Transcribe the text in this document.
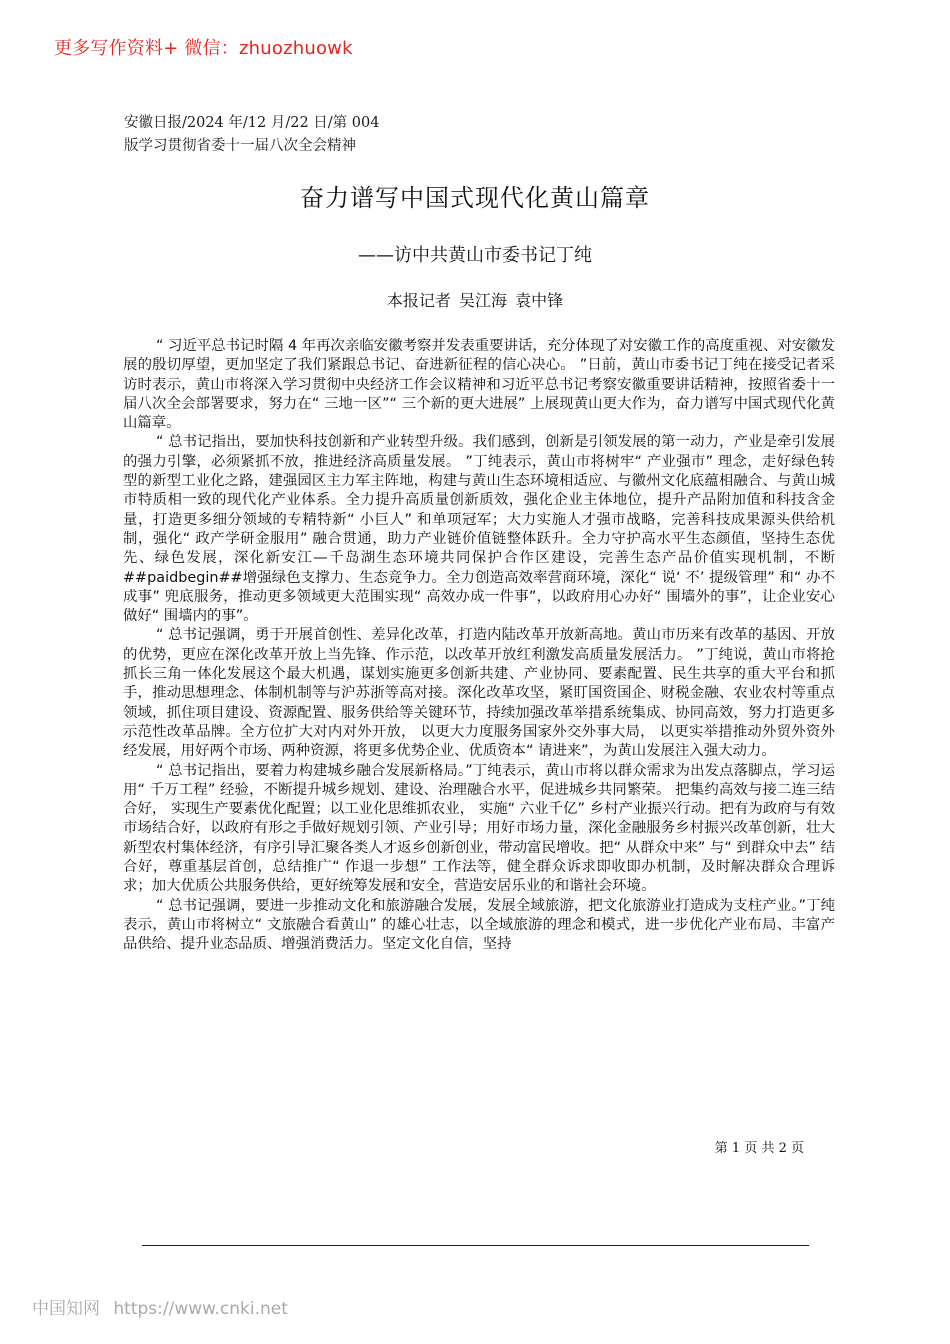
更多写作资料+ 微信：zhuozhuowk
安徽日报/2024 年/12 月/22 日/第 004
版学习贯彻省委十一届八次全会精神
奋力谱写中国式现代化黄山篇章
——访中共黄山市委书记丁纯
本报记者 吴江海 袁中锋

“ 习近平总书记时隔 4 年再次亲临安徽考察并发表重要讲话，充分体现了对安徽工作的高度重视、对安徽发展的殷切厚望，更加坚定了我们紧跟总书记、奋进新征程的信心决心。 ”日前，黄山市委书记丁纯在接受记者采访时表示，黄山市将深入学习贯彻中央经济工作会议精神和习近平总书记考察安徽重要讲话精神，按照省委十一届八次全会部署要求，努力在“ 三地一区”“ 三个新的更大进展” 上展现黄山更大作为，奋力谱写中国式现代化黄山篇章。

“ 总书记指出，要加快科技创新和产业转型升级。我们感到，创新是引领发展的第一动力，产业是牵引发展的强力引擎，必须紧抓不放，推进经济高质量发展。 ”丁纯表示，黄山市将树牢“ 产业强市” 理念，走好绿色转型的新型工业化之路，建强园区主力军主阵地，构建与黄山生态环境相适应、与徽州文化底蕴相融合、与黄山城市特质相一致的现代化产业体系。全力提升高质量创新质效，强化企业主体地位，提升产品附加值和科技含金量，打造更多细分领域的专精特新“ 小巨人” 和单项冠军；大力实施人才强市战略，完善科技成果源头供给机制，强化“ 政产学研金服用” 融合贯通，助力产业链价值链整体跃升。全力守护高水平生态颜值，坚持生态优先、绿色发展，深化新安江—千岛湖生态环境共同保护合作区建设，完善生态产品价值实现机制，不断##paidbegin##增强绿色支撑力、生态竞争力。全力创造高效率营商环境，深化“ 说‘ 不’ 提级管理” 和“ 办不成事” 兜底服务，推动更多领域更大范围实现“ 高效办成一件事”，以政府用心办好“ 围墙外的事”，让企业安心做好“ 围墙内的事”。

“ 总书记强调，勇于开展首创性、差异化改革，打造内陆改革开放新高地。黄山市历来有改革的基因、开放的优势，更应在深化改革开放上当先锋、作示范，以改革开放红利激发高质量发展活力。 ”丁纯说，黄山市将抢抓长三角一体化发展这个最大机遇，谋划实施更多创新共建、产业协同、要素配置、民生共享的重大平台和抓手，推动思想理念、体制机制等与沪苏浙等高对接。深化改革攻坚，紧盯国资国企、财税金融、农业农村等重点领域，抓住项目建设、资源配置、服务供给等关键环节，持续加强改革举措系统集成、协同高效，努力打造更多示范性改革品牌。全方位扩大对内对外开放， 以更大力度服务国家外交外事大局， 以更实举措推动外贸外资外经发展，用好两个市场、两种资源，将更多优势企业、优质资本“ 请进来”，为黄山发展注入强大动力。

“ 总书记指出，要着力构建城乡融合发展新格局。”丁纯表示，黄山市将以群众需求为出发点落脚点，学习运用“ 千万工程” 经验，不断提升城乡规划、建设、治理融合水平，促进城乡共同繁荣。 把集约高效与接二连三结合好， 实现生产要素优化配置；以工业化思维抓农业， 实施“ 六业千亿” 乡村产业振兴行动。把有为政府与有效市场结合好，以政府有形之手做好规划引领、产业引导；用好市场力量，深化金融服务乡村振兴改革创新，壮大新型农村集体经济，有序引导汇聚各类人才返乡创新创业，带动富民增收。把“ 从群众中来” 与“ 到群众中去” 结合好，尊重基层首创，总结推广“ 作退一步想” 工作法等，健全群众诉求即收即办机制，及时解决群众合理诉求；加大优质公共服务供给，更好统筹发展和安全，营造安居乐业的和谐社会环境。

“ 总书记强调，要进一步推动文化和旅游融合发展，发展全域旅游，把文化旅游业打造成为支柱产业。”丁纯表示，黄山市将树立“ 文旅融合看黄山” 的雄心壮志，以全域旅游的理念和模式，进一步优化产业布局、丰富产品供给、提升业态品质、增强消费活力。坚定文化自信，坚持

第 1 页 共 2 页
中国知网 https://www.cnki.net
